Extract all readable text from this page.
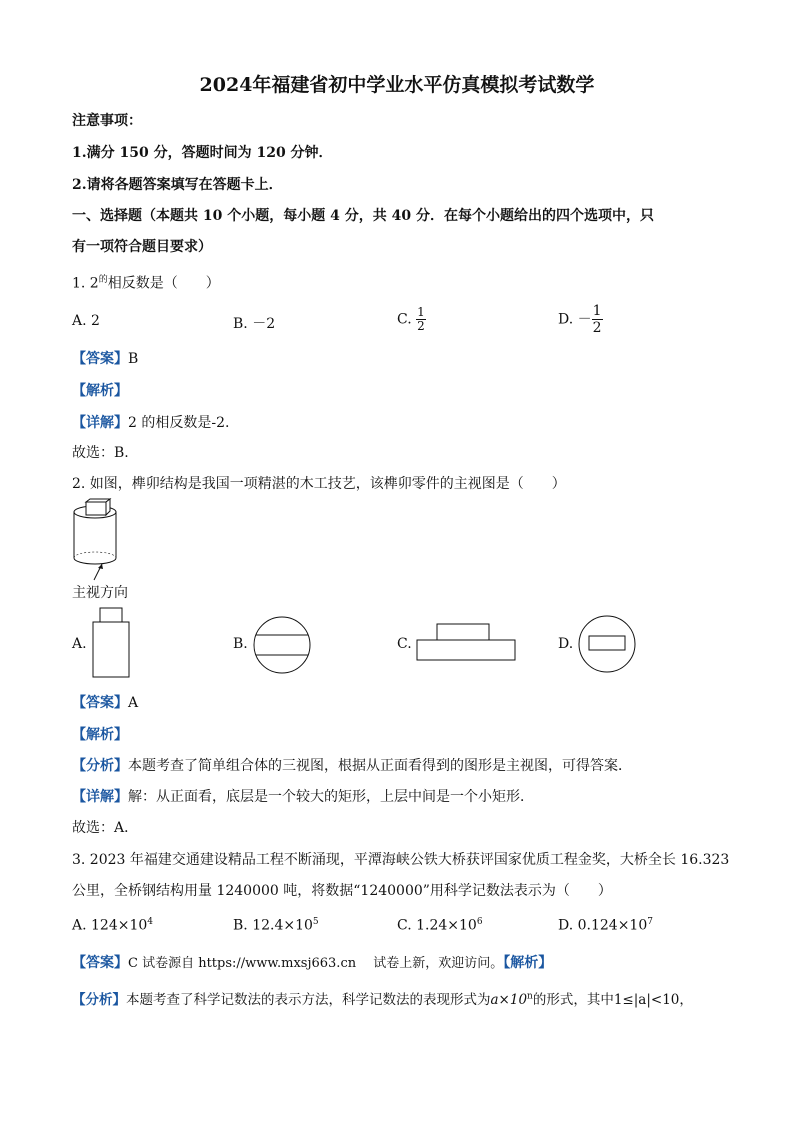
2024年福建省初中学业水平仿真模拟考试数学
注意事项：
1.满分 150 分，答题时间为 120 分钟．
2.请将各题答案填写在答题卡上．
一、选择题（本题共 10 个小题，每小题 4 分，共 40 分．在每个小题给出的四个选项中，只
有一项符合题目要求）
1. $2^的$相反数是（　　）
A. 2	B. －2	C. $\frac{1}{2}$	D. － $\frac{1}{2}$
【答案】B
【解析】
【详解】2 的相反数是-2.
故选：B.
2. 如图，榫卯结构是我国一项精湛的木工技艺，该榫卯零件的主视图是（　　）
主视方向
A.	B.	C.	D.
【答案】A
【解析】
【分析】本题考查了简单组合体的三视图，根据从正面看得到的图形是主视图，可得答案．
【详解】解：从正面看，底层是一个较大的矩形，上层中间是一个小矩形．
故选：A．
3. 2023 年福建交通建设精品工程不断涌现，平潭海峡公铁大桥获评国家优质工程金奖，大桥全长 16.323
公里，全桥钢结构用量 1240000 吨，将数据“1240000”用科学记数法表示为（　　）
A. $124\times 10^4$	B. $12.4\times 10^5$	C. $1.24\times 10^6$	D. $0.124\times 10^7$
【答案】C 试卷源自 https://www.mxsj663.cn　 试卷上新，欢迎访问。【解析】
【分析】本题考查了科学记数法的表示方法，科学记数法的表现形式为$a\times 10^n$的形式，其中1≤|a|<10，
